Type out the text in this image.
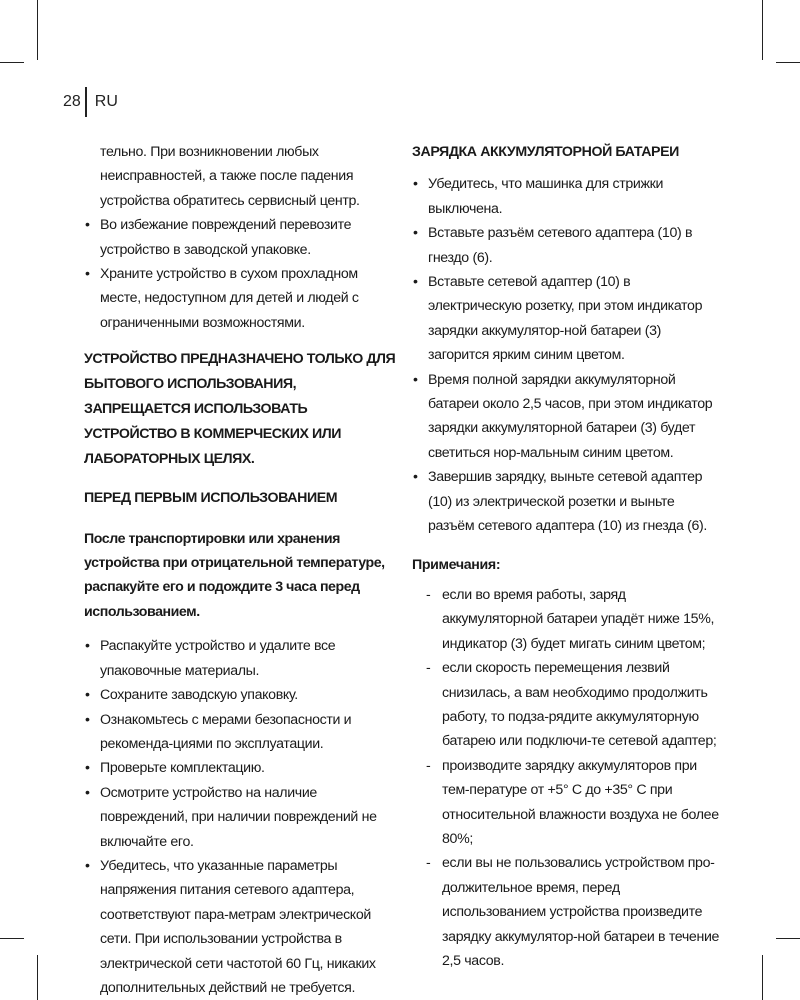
28 RU
тельно. При возникновении любых неисправностей, а также после падения устройства обратитесь сервисный центр.
• Во избежание повреждений перевозите устройство в заводской упаковке.
• Храните устройство в сухом прохладном месте, недоступном для детей и людей с ограниченными возможностями.
УСТРОЙСТВО ПРЕДНАЗНАЧЕНО ТОЛЬКО ДЛЯ БЫТОВОГО ИСПОЛЬЗОВАНИЯ, ЗАПРЕЩАЕТСЯ ИСПОЛЬЗОВАТЬ УСТРОЙСТВО В КОММЕРЧЕСКИХ ИЛИ ЛАБОРАТОРНЫХ ЦЕЛЯХ.
ПЕРЕД ПЕРВЫМ ИСПОЛЬЗОВАНИЕМ
После транспортировки или хранения устройства при отрицательной температуре, распакуйте его и подождите 3 часа перед использованием.
• Распакуйте устройство и удалите все упаковочные материалы.
• Сохраните заводскую упаковку.
• Ознакомьтесь с мерами безопасности и рекоменда-циями по эксплуатации.
• Проверьте комплектацию.
• Осмотрите устройство на наличие повреждений, при наличии повреждений не включайте его.
• Убедитесь, что указанные параметры напряжения питания сетевого адаптера, соответствуют пара-метрам электрической сети. При использовании устройства в электрической сети частотой 60 Гц, никаких дополнительных действий не требуется.
ЗАРЯДКА АККУМУЛЯТОРНОЙ БАТАРЕИ
• Убедитесь, что машинка для стрижки выключена.
• Вставьте разъём сетевого адаптера (10) в гнездо (6).
• Вставьте сетевой адаптер (10) в электрическую розетку, при этом индикатор зарядки аккумулятор-ной батареи (3) загорится ярким синим цветом.
• Время полной зарядки аккумуляторной батареи около 2,5 часов, при этом индикатор зарядки аккумуляторной батареи (3) будет светиться нор-мальным синим цветом.
• Завершив зарядку, выньте сетевой адаптер (10) из электрической розетки и выньте разъём сетевого адаптера (10) из гнезда (6).
Примечания:
- если во время работы, заряд аккумуляторной батареи упадёт ниже 15%, индикатор (3) будет мигать синим цветом;
- если скорость перемещения лезвий снизилась, а вам необходимо продолжить работу, то подза-рядите аккумуляторную батарею или подключи-те сетевой адаптер;
- производите зарядку аккумуляторов при тем-пературе от +5° С до +35° С при относительной влажности воздуха не более 80%;
- если вы не пользовались устройством про-должительное время, перед использованием устройства произведите зарядку аккумулятор-ной батареи в течение 2,5 часов.
